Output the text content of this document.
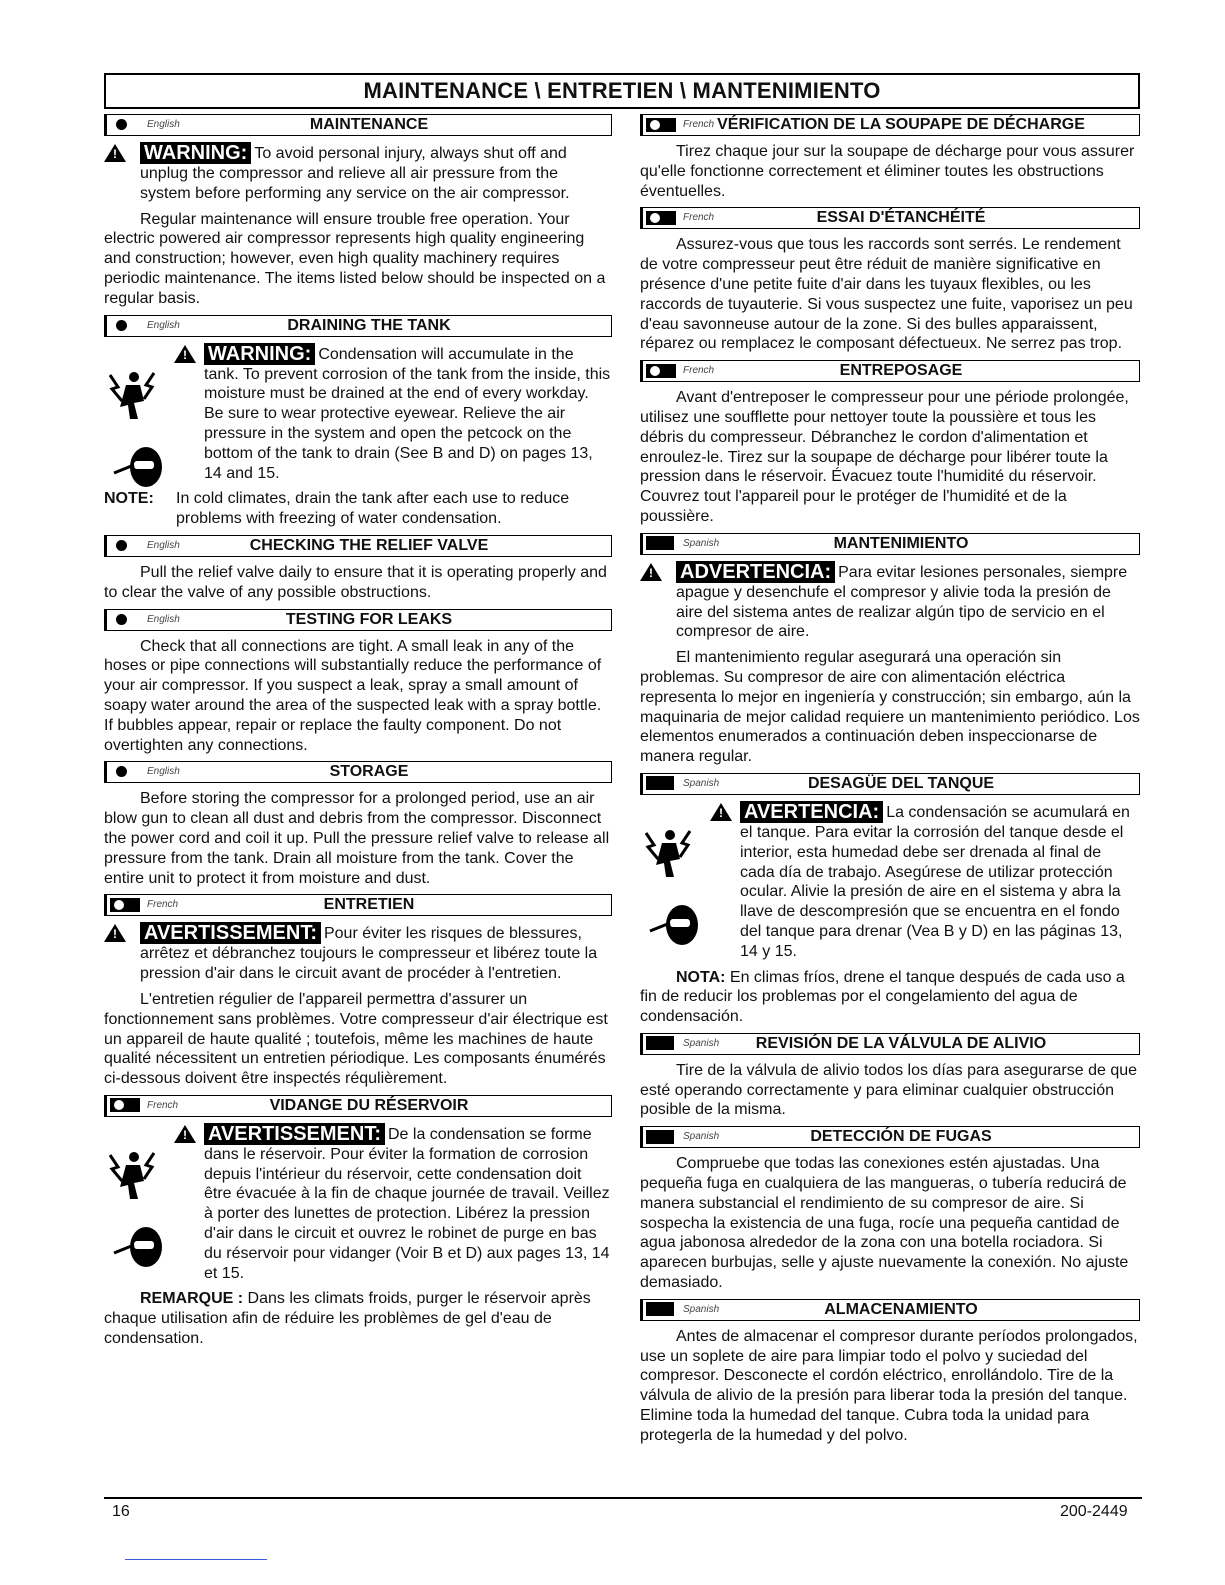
MAINTENANCE \ ENTRETIEN \ MANTENIMIENTO
English	MAINTENANCE
!
WARNING: To avoid personal injury, always shut off and unplug the compressor and relieve all air pressure from the system before performing any service on the air compressor.

Regular maintenance will ensure trouble free operation. Your electric powered air compressor represents high quality engineering and construction; however, even high quality machinery requires periodic maintenance. The items listed below should be inspected on a regular basis.

English	DRAINING THE TANK
!
WARNING: Condensation will accumulate in the tank. To prevent corrosion of the tank from the inside, this moisture must be drained at the end of every workday. Be sure to wear protective eyewear. Relieve the air pressure in the system and open the petcock on the bottom of the tank to drain (See B and D) on pages 13, 14 and 15.
NOTE: In cold climates, drain the tank after each use to reduce problems with freezing of water condensation.
English	CHECKING THE RELIEF VALVE

Pull the relief valve daily to ensure that it is operating properly and to clear the valve of any possible obstructions.

English	TESTING FOR LEAKS

Check that all connections are tight. A small leak in any of the hoses or pipe connections will substantially reduce the performance of your air compressor. If you suspect a leak, spray a small amount of soapy water around the area of the suspected leak with a spray bottle. If bubbles appear, repair or replace the faulty component. Do not overtighten any connections.

English	STORAGE

Before storing the compressor for a prolonged period, use an air blow gun to clean all dust and debris from the compressor. Disconnect the power cord and coil it up. Pull the pressure relief valve to release all pressure from the tank. Drain all moisture from the tank. Cover the entire unit to protect it from moisture and dust.

French	ENTRETIEN
!
AVERTISSEMENT: Pour éviter les risques de blessures, arrêtez et débranchez toujours le compresseur et libérez toute la pression d'air dans le circuit avant de procéder à l'entretien.

L'entretien régulier de l'appareil permettra d'assurer un fonctionnement sans problèmes. Votre compresseur d'air électrique est un appareil de haute qualité ; toutefois, même les machines de haute qualité nécessitent un entretien périodique. Les composants énumérés ci-dessous doivent être inspectés réqulièrement.

French	VIDANGE DU RÉSERVOIR
!
AVERTISSEMENT: De la condensation se forme dans le réservoir. Pour éviter la formation de corrosion depuis l'intérieur du réservoir, cette condensation doit être évacuée à la fin de chaque journée de travail. Veillez à porter des lunettes de protection. Libérez la pression d'air dans le circuit et ouvrez le robinet de purge en bas du réservoir pour vidanger (Voir B et D) aux pages 13, 14 et 15.

REMARQUE : Dans les climats froids, purger le réservoir après chaque utilisation afin de réduire les problèmes de gel d'eau de condensation.

French VÉRIFICATION DE LA SOUPAPE DE DÉCHARGE

Tirez chaque jour sur la soupape de décharge pour vous assurer qu'elle fonctionne correctement et éliminer toutes les obstructions éventuelles.

French	ESSAI D'ÉTANCHÉITÉ

Assurez-vous que tous les raccords sont serrés. Le rendement de votre compresseur peut être réduit de manière significative en présence d'une petite fuite d'air dans les tuyaux flexibles, ou les raccords de tuyauterie. Si vous suspectez une fuite, vaporisez un peu d'eau savonneuse autour de la zone. Si des bulles apparaissent, réparez ou remplacez le composant défectueux. Ne serrez pas trop.

French	ENTREPOSAGE

Avant d'entreposer le compresseur pour une période prolongée, utilisez une soufflette pour nettoyer toute la poussière et tous les débris du compresseur. Débranchez le cordon d'alimentation et enroulez-le. Tirez sur la soupape de décharge pour libérer toute la pression dans le réservoir. Évacuez toute l'humidité du réservoir. Couvrez tout l'appareil pour le protéger de l'humidité et de la poussière.

Spanish	MANTENIMIENTO
!
ADVERTENCIA: Para evitar lesiones personales, siempre apague y desenchufe el compresor y alivie toda la presión de aire del sistema antes de realizar algún tipo de servicio en el compresor de aire.

El mantenimiento regular asegurará una operación sin problemas. Su compresor de aire con alimentación eléctrica representa lo mejor en ingeniería y construcción; sin embargo, aún la maquinaria de mejor calidad requiere un mantenimiento periódico. Los elementos enumerados a continuación deben inspeccionarse de manera regular.

Spanish	DESAGÜE DEL TANQUE
!
AVERTENCIA: La condensación se acumulará en el tanque. Para evitar la corrosión del tanque desde el interior, esta humedad debe ser drenada al final de cada día de trabajo. Asegúrese de utilizar protección ocular. Alivie la presión de aire en el sistema y abra la llave de descompresión que se encuentra en el fondo del tanque para drenar (Vea B y D) en las páginas 13, 14 y 15.

NOTA: En climas fríos, drene el tanque después de cada uso a fin de reducir los problemas por el congelamiento del agua de condensación.

Spanish	REVISIÓN DE LA VÁLVULA DE ALIVIO

Tire de la válvula de alivio todos los días para asegurarse de que esté operando correctamente y para eliminar cualquier obstrucción posible de la misma.

Spanish	DETECCIÓN DE FUGAS

Compruebe que todas las conexiones estén ajustadas. Una pequeña fuga en cualquiera de las mangueras, o tubería reducirá de manera substancial el rendimiento de su compresor de aire. Si sospecha la existencia de una fuga, rocíe una pequeña cantidad de agua jabonosa alrededor de la zona con una botella rociadora. Si aparecen burbujas, selle y ajuste nuevamente la conexión. No ajuste demasiado.

Spanish	ALMACENAMIENTO

Antes de almacenar el compresor durante períodos prolongados, use un soplete de aire para limpiar todo el polvo y suciedad del compresor. Desconecte el cordón eléctrico, enrollándolo. Tire de la válvula de alivio de la presión para liberar toda la presión del tanque. Elimine toda la humedad del tanque. Cubra toda la unidad para protegerla de la humedad y del polvo.

16	200-2449
